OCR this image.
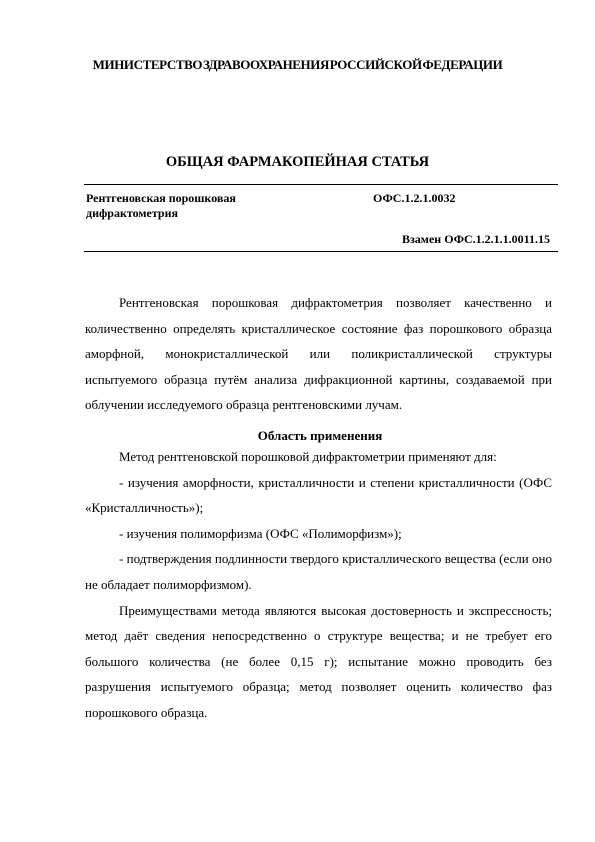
МИНИСТЕРСТВО ЗДРАВООХРАНЕНИЯ РОССИЙСКОЙ ФЕДЕРАЦИИ
ОБЩАЯ ФАРМАКОПЕЙНАЯ СТАТЬЯ
Рентгеновская порошковая дифрактометрия
ОФС.1.2.1.0032
Взамен ОФС.1.2.1.1.0011.15

Рентгеновская порошковая дифрактометрия позволяет качественно и количественно определять кристаллическое состояние фаз порошкового образца аморфной, монокристаллической или поликристаллической структуры испытуемого образца путём анализа дифракционной картины, создаваемой при облучении исследуемого образца рентгеновскими лучам.

Область применения

Метод рентгеновской порошковой дифрактометрии применяют для:

- изучения аморфности, кристалличности и степени кристалличности (ОФС «Кристалличность»);

- изучения полиморфизма (ОФС «Полиморфизм»);

- подтверждения подлинности твердого кристаллического вещества (если оно не обладает полиморфизмом).

Преимуществами метода являются высокая достоверность и экспрессность; метод даёт сведения непосредственно о структуре вещества; и не требует его большого количества (не более 0,15 г); испытание можно проводить без разрушения испытуемого образца; метод позволяет оценить количество фаз порошкового образца.
